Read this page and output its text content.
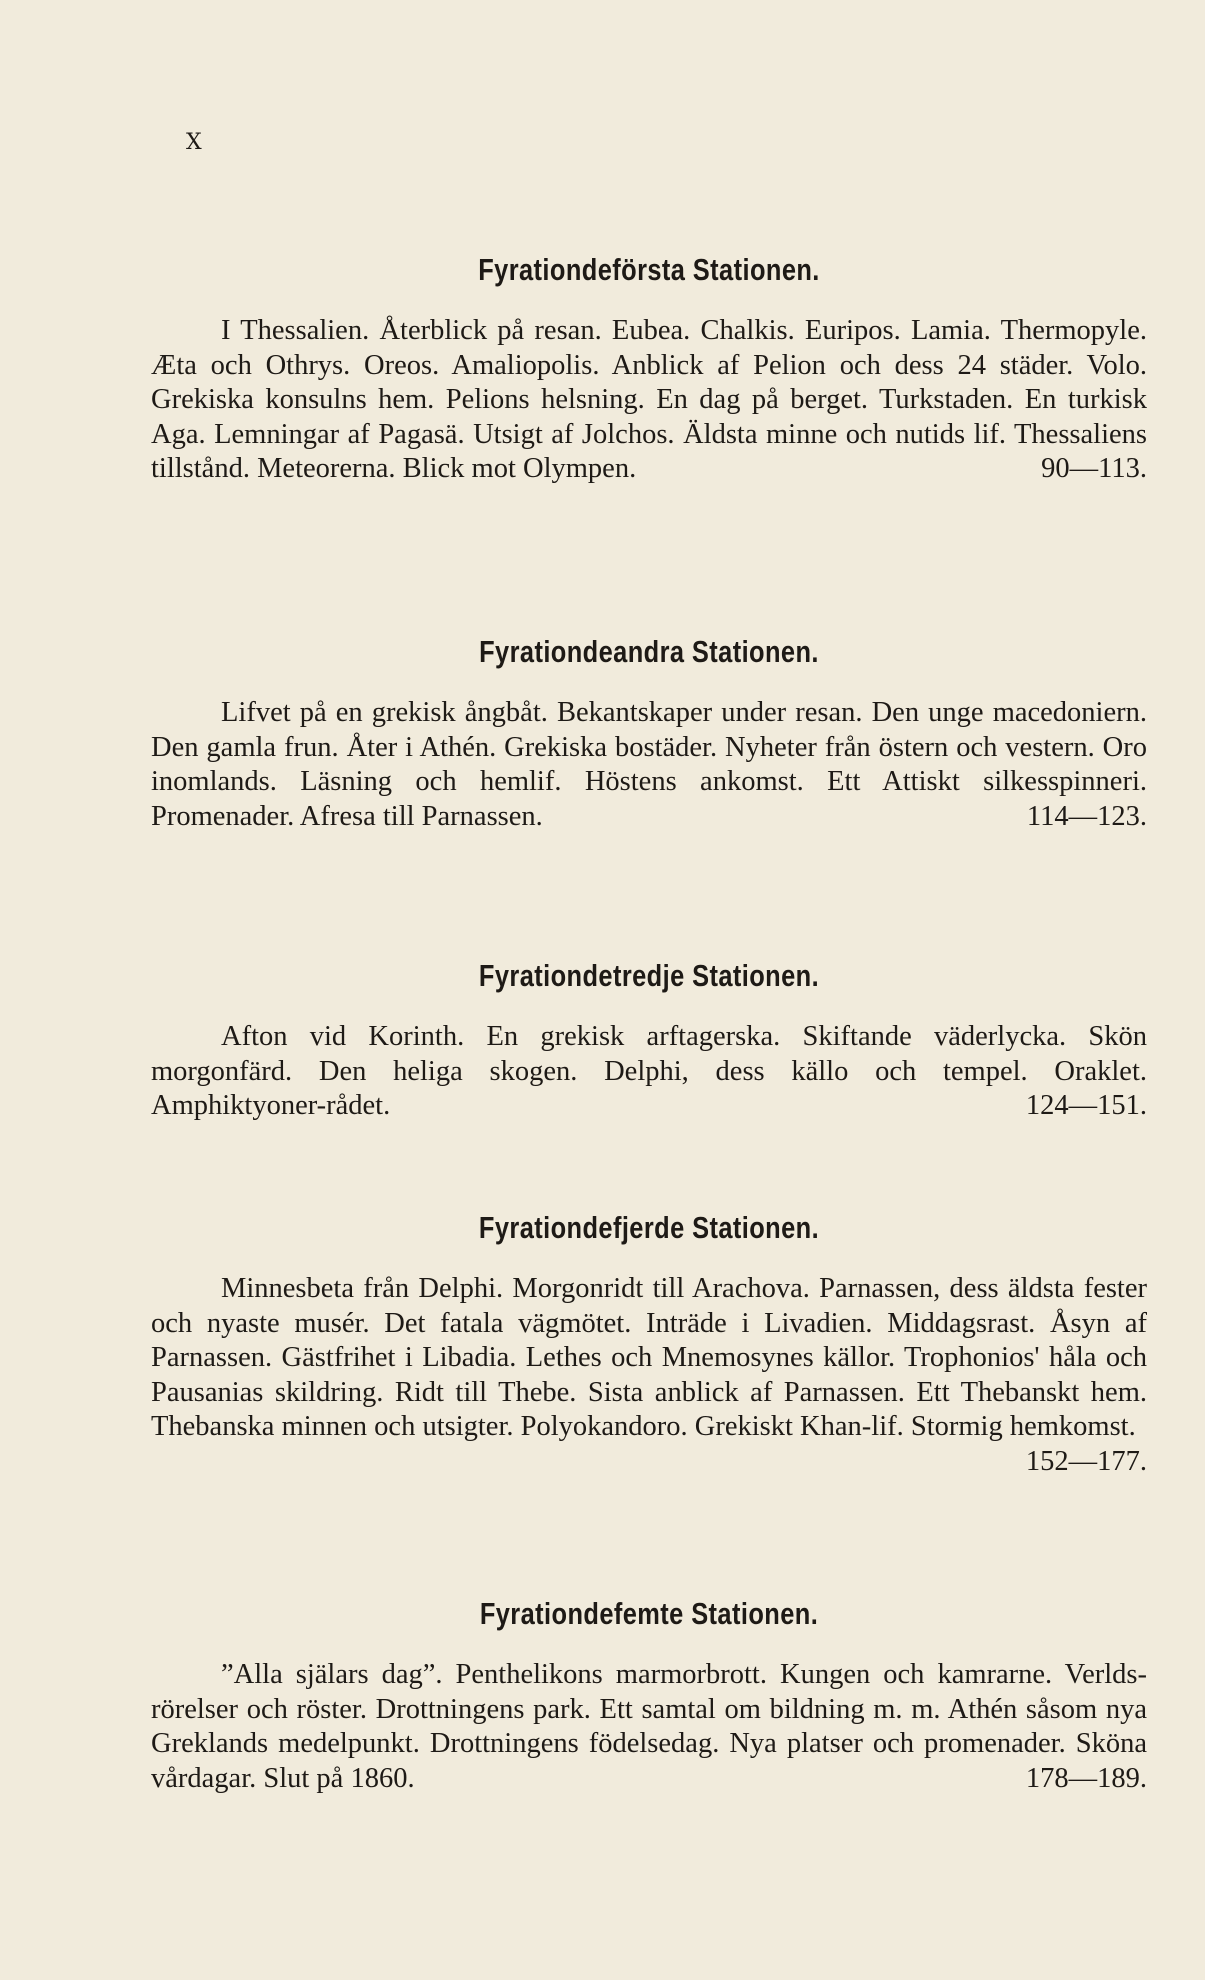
X
Fyrationdeförsta Stationen.

I Thessalien. Återblick på resan. Eubea. Chalkis. Euripos. Lamia. Thermopyle. Æta och Othrys. Oreos. Amaliopolis. Anblick af Pelion och dess 24 städer. Volo. Grekiska konsulns hem. Pelions helsning. En dag på berget. Turkstaden. En turkisk Aga. Lemningar af Pagasä. Utsigt af Jolchos. Äldsta minne och nutids lif. Thessaliens tillstånd. Meteorerna. Blick mot Olympen.	90—113.

Fyrationdeandra Stationen.

Lifvet på en grekisk ångbåt. Bekantskaper under resan. Den unge macedoniern. Den gamla frun. Åter i Athén. Grekiska bostäder. Nyheter från östern och vestern. Oro inomlands. Läsning och hemlif. Höstens ankomst. Ett Attiskt silkesspinneri. Promenader. Afresa till Parnassen.	114—123.

Fyrationdetredje Stationen.

Afton vid Korinth. En grekisk arftagerska. Skiftande väderlycka. Skön morgonfärd. Den heliga skogen. Delphi, dess källo och tempel. Oraklet. Amphiktyoner-rådet.	124—151.

Fyrationdefjerde Stationen.

Minnesbeta från Delphi. Morgonridt till Arachova. Parnassen, dess äldsta fester och nyaste musér. Det fatala vägmötet. Inträde i Livadien. Middagsrast. Åsyn af Parnassen. Gästfrihet i Libadia. Lethes och Mnemosynes källor. Trophonios' håla och Pausanias skildring. Ridt till Thebe. Sista anblick af Parnassen. Ett Thebanskt hem. Thebanska minnen och utsigter. Polyokandoro. Grekiskt Khan-lif. Stormig hemkomst.
152—177.

Fyrationdefemte Stationen.

”Alla själars dag”. Penthelikons marmorbrott. Kungen och kamrarne. Verlds-rörelser och röster. Drottningens park. Ett samtal om bildning m. m. Athén såsom nya Greklands medelpunkt. Drottningens födelsedag. Nya platser och promenader. Sköna vårdagar. Slut på 1860.	178—189.
